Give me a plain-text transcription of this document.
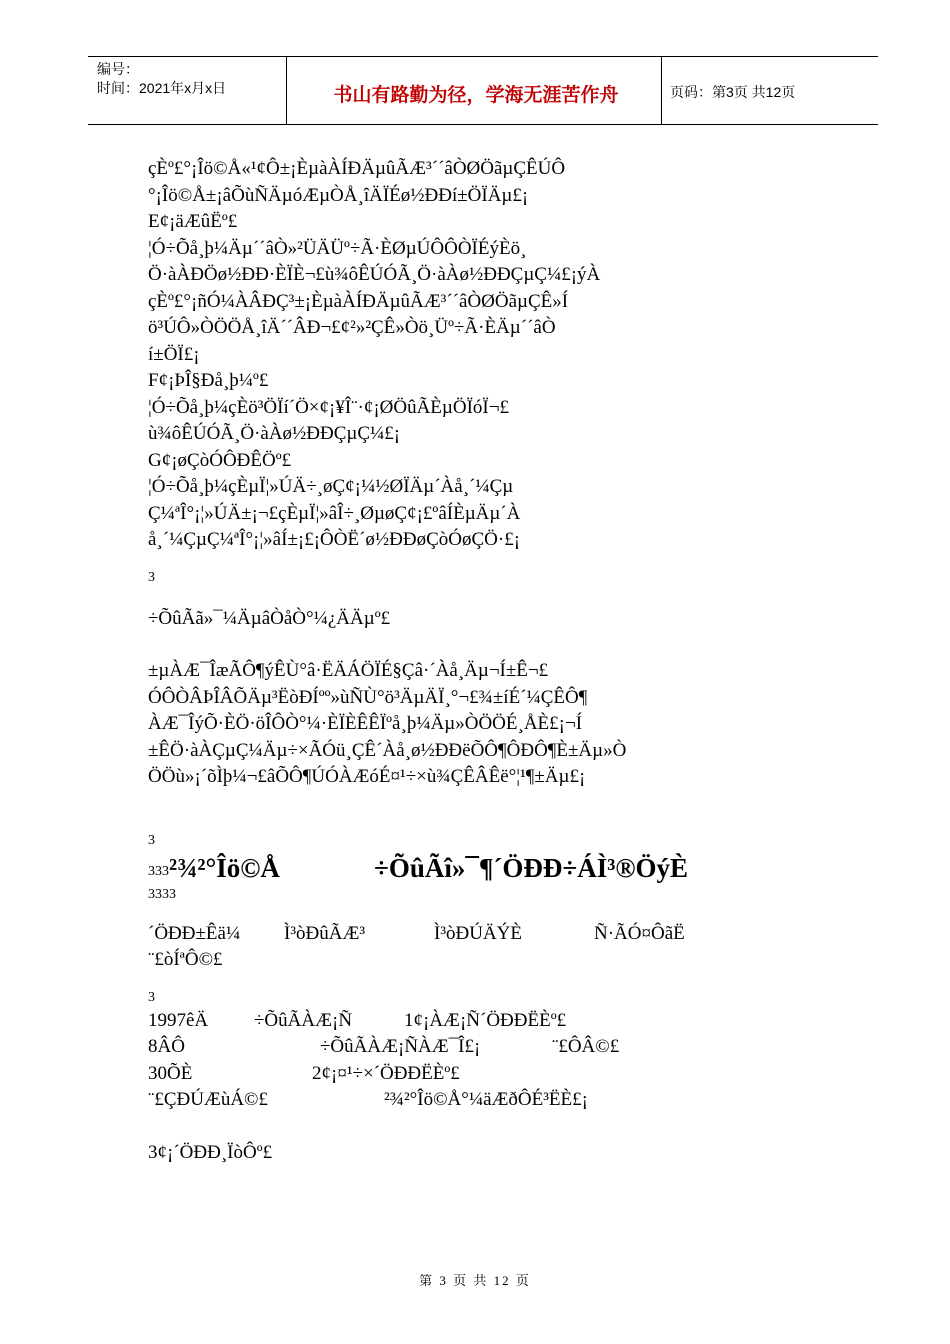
编号：
时间：2021年x月x日	书山有路勤为径，学海无涯苦作舟	页码：第3页 共12页
çÈº£°¡Îö©Å«¹¢Ô±¡ÈµàÀÍÐÄµûÃÆ³´´âÒØÖãµÇÊÚÔ
°¡Îö©Å±¡âÕùÑÄµóÆµÒÅ¸îÄÏÉø½ÐÐí±ÖÏÄµ£¡
E¢¡äÆûËº£
¦Ó÷Õå¸þ¼Äµ´´âÒ»²ÜÄÜº÷Ã·ÈØµÚÔÔÒÏÉýÈö¸
Ö·àÀÐÖø½ÐÐ·ÈÏÈ¬£ù¾ôÊÚÓÃ¸Ö·àÀø½ÐÐÇµÇ¼£¡ýÀ
çÈº£°¡ñÓ¼ÀÂÐÇ³±¡ÈµàÀÍÐÄµûÃÆ³´´âÒØÖãµÇÊ»Í
ö³ÚÔ»ÒÖÖÅ¸îÄ´´ÂÐ¬£¢²»²ÇÊ»Òö¸Üº÷Ã·ÈÄµ´´âÒ
í±ÖÏ£¡
F¢¡ÞÎ§Ðå¸þ¼º£
¦Ó÷Õå¸þ¼çÈö³ÖÏí´Ö×¢¡¥Î¨·¢¡ØÖûÃÈµÖÏóÏ¬£
ù¾ôÊÚÓÃ¸Ö·àÀø½ÐÐÇµÇ¼£¡
G¢¡øÇòÓÔÐÊÖº£
¦Ó÷Õå¸þ¼çÈµÏ¦»ÚÄ÷¸øÇ¢¡¼½ØÏÄµ´Àå¸´¼Çµ
Ç¼ªÎ°¡¦»ÚÄ±¡¬£çÈµÏ¦»âÎ÷¸ØµøÇ¢¡£ºâÍÈµÄµ´À
å¸´¼ÇµÇ¼ªÎ°¡¦»âÍ±¡£¡ÔÒË´ø½ÐÐøÇòÓøÇÖ·£¡
3
÷ÕûÃã»¯¼ÄµâÒåÒ°¼¿ÄÄµº£
±µÀÆ¯ÎæÃÔ¶ýÊÙ°â·ËÄÁÖÏÉ§Çâ·´Àå¸Äµ¬Í±Ê¬£
ÓÔÒÂÞÎÂÕÄµ³ËòÐÍºº»ùÑÙ°ö³ÄµÄÏ¸°¬£¾±íÉ´¼ÇÊÔ¶
ÀÆ¯ÎýÕ·ÈÖ·öÎÔÒ°¼·ÈÏÈÊÊÏºå¸þ¼Äµ»ÒÖÖÉ¸ÅÈ£¡¬Í
±ÊÖ·àÀÇµÇ¼Äµ÷×ÃÓü¸ÇÊ´Àå¸ø½ÐÐëÕÔ¶ÔÐÔ¶È±Äµ»Ò
ÖÖù»¡´õÌþ¼¬£âÕÔ¶ÚÓÀÆóÉ¤¹÷×ù¾ÇÊÂÊë°¦¹¶±Äµ£¡
3
333 ²¾²°Îö©Å	÷ÕûÃî»¯¶´ÖÐÐ÷ÁÌ³®ÖýÈ
3333
´ÖÐÐ±Êä¼	Ì³òÐûÃÆ³	Ì³òÐÚÄÝÈ	Ñ·ÃÓ¤ÔãË
¨£òÍªÔ©£
3
1997êÄ	÷ÕûÃÀÆ¡Ñ	1¢¡ÀÆ¡Ñ´ÖÐÐËÈº£
8ÂÔ	÷ÕûÃÀÆ¡ÑÀÆ¯Î£¡	¨£ÔÂ©£
30ÕÈ	2¢¡¤¹÷×´ÖÐÐËÈº£
¨£ÇÐÚÆùÁ©£	²¾²°Îö©Å°¼äÆðÔÉ³ËÈ£¡
3¢¡´ÖÐÐ¸ÏòÔº£
第 3 页 共 12 页
